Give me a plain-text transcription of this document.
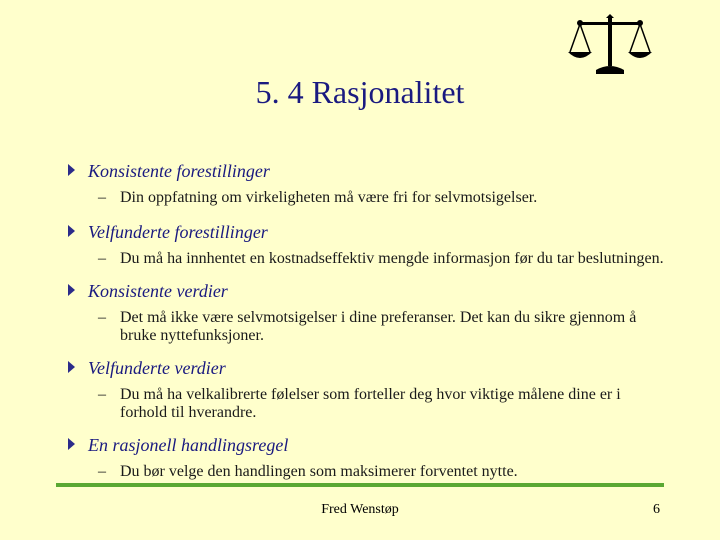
5. 4 Rasjonalitet
Konsistente forestillinger
– Din oppfatning om virkeligheten må være fri for selvmotsigelser.
Velfunderte forestillinger
– Du må ha innhentet en kostnadseffektiv mengde informasjon før du tar beslutningen.
Konsistente verdier
– Det må ikke være selvmotsigelser i dine preferanser. Det kan du sikre gjennom å bruke nyttefunksjoner.
Velfunderte verdier
– Du må ha velkalibrerte følelser som forteller deg hvor viktige målene dine er i forhold til hverandre.
En rasjonell handlingsregel
– Du bør velge den handlingen som maksimerer forventet nytte.
Fred Wenstøp	6
